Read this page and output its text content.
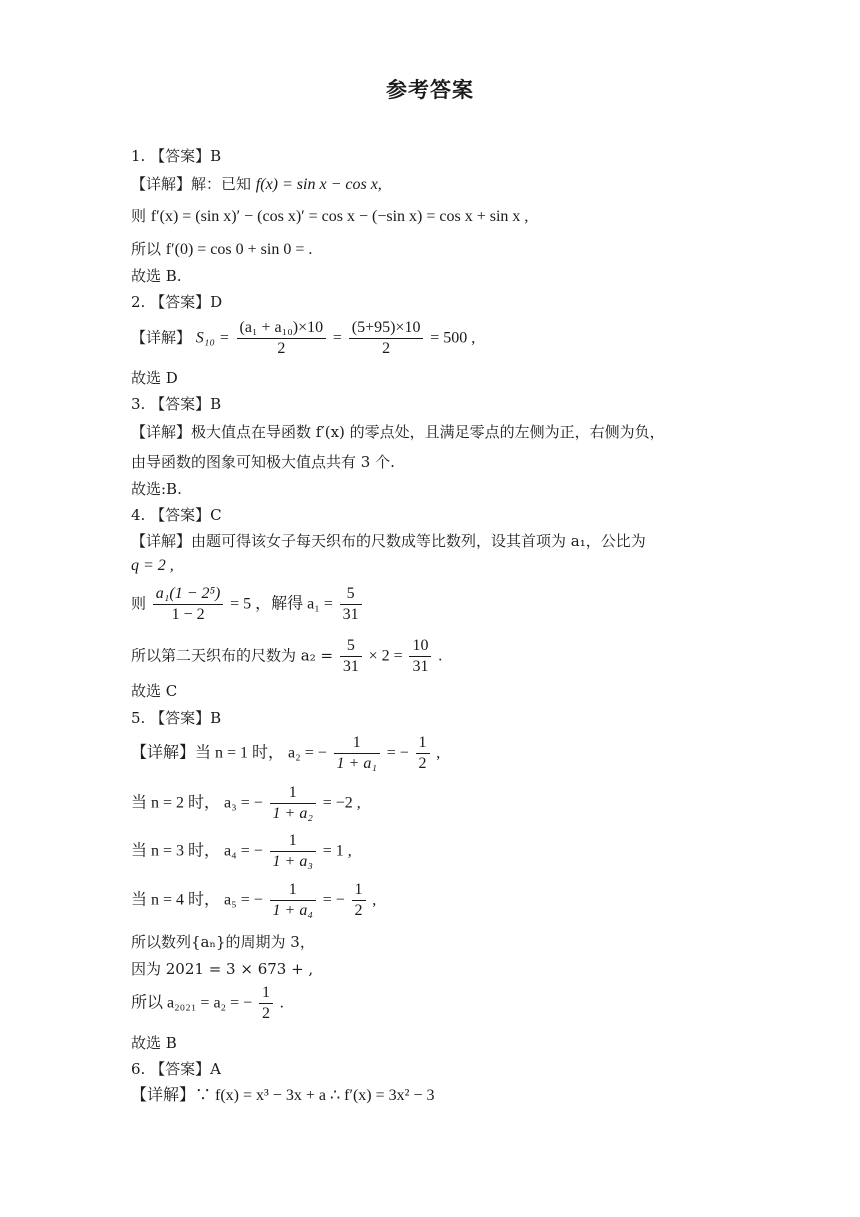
参考答案
1. 【答案】B
【详解】解：已知 f(x) = sin x − cos x,
则 f′(x) = (sin x)′ − (cos x)′ = cos x − (−sin x) = cos x + sin x ,
所以 f′(0) = cos 0 + sin 0 = .
故选 B.
2. 【答案】D
【详解】 $S_{10} = \frac{\text{(a₁ + a₁₀)×10}}{2} = \frac{(5+95)\times 10}{2} = 500$ ,
故选 D
3. 【答案】B
【详解】极大值点在导函数 f′(x) 的零点处，且满足零点的左侧为正，右侧为负，
由导函数的图象可知极大值点共有 3 个.
故选:B.
4. 【答案】C
【详解】由题可得该女子每天织布的尺数成等比数列，设其首项为 a₁，公比为
q = 2 ,
则 $\frac{\text{a₁(1 − 2⁵)}}{1 - 2} = 5$ ，解得 $a_1 = \frac{5}{31}$
所以第二天织布的尺数为 $a_2 = \frac{5}{31} \times 2 = \frac{10}{31}$ .
故选 C
5. 【答案】B
【详解】当 n = 1 时， a₂ = − $\frac{1}{\text{1 + a₁}}$ = − $\frac{1}{2}$ ,
当 n = 2 时， a₃ = − $\frac{1}{\text{1 + a₂}} = -2$ ,
当 n = 3 时， a₄ = − $\frac{1}{\text{1 + a₃}} = 1$ ,
当 n = 4 时， a₅ = − $\frac{1}{\text{1 + a₄}}$ = − $\frac{1}{2}$ ,
所以数列{aₙ}的周期为 3，
因为 2021 = 3 × 673 + ,
所以 a₂₀₂₁ = a₂ = − $\frac{1}{2}$ .
故选 B
6. 【答案】A
【详解】∵ f(x) = x³ − 3x + a ∴ f′(x) = 3x² − 3
